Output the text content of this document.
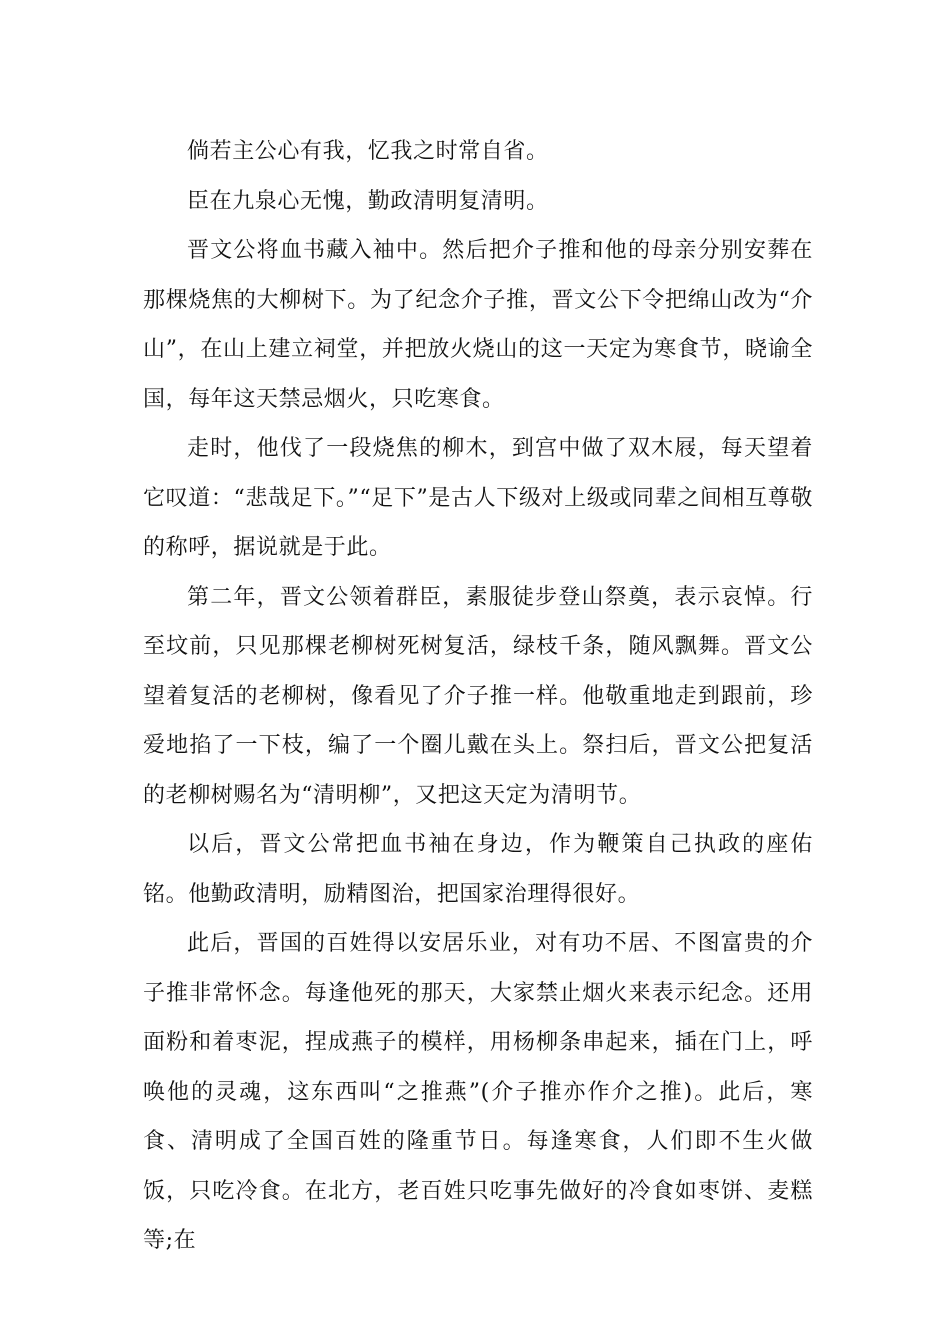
倘若主公心有我，忆我之时常自省。

臣在九泉心无愧，勤政清明复清明。

晋文公将血书藏入袖中。然后把介子推和他的母亲分别安葬在那棵烧焦的大柳树下。为了纪念介子推，晋文公下令把绵山改为“介山”，在山上建立祠堂，并把放火烧山的这一天定为寒食节，晓谕全国，每年这天禁忌烟火，只吃寒食。

走时，他伐了一段烧焦的柳木，到宫中做了双木屐，每天望着它叹道：“悲哉足下。”“足下”是古人下级对上级或同辈之间相互尊敬的称呼，据说就是于此。

第二年，晋文公领着群臣，素服徒步登山祭奠，表示哀悼。行至坟前，只见那棵老柳树死树复活，绿枝千条，随风飘舞。晋文公望着复活的老柳树，像看见了介子推一样。他敬重地走到跟前，珍爱地掐了一下枝，编了一个圈儿戴在头上。祭扫后，晋文公把复活的老柳树赐名为“清明柳”，又把这天定为清明节。

以后，晋文公常把血书袖在身边，作为鞭策自己执政的座佑铭。他勤政清明，励精图治，把国家治理得很好。

此后，晋国的百姓得以安居乐业，对有功不居、不图富贵的介子推非常怀念。每逢他死的那天，大家禁止烟火来表示纪念。还用面粉和着枣泥，捏成燕子的模样，用杨柳条串起来，插在门上，呼唤他的灵魂，这东西叫“之推燕”(介子推亦作介之推)。此后，寒食、清明成了全国百姓的隆重节日。每逢寒食，人们即不生火做饭，只吃冷食。在北方，老百姓只吃事先做好的冷食如枣饼、麦糕等;在
